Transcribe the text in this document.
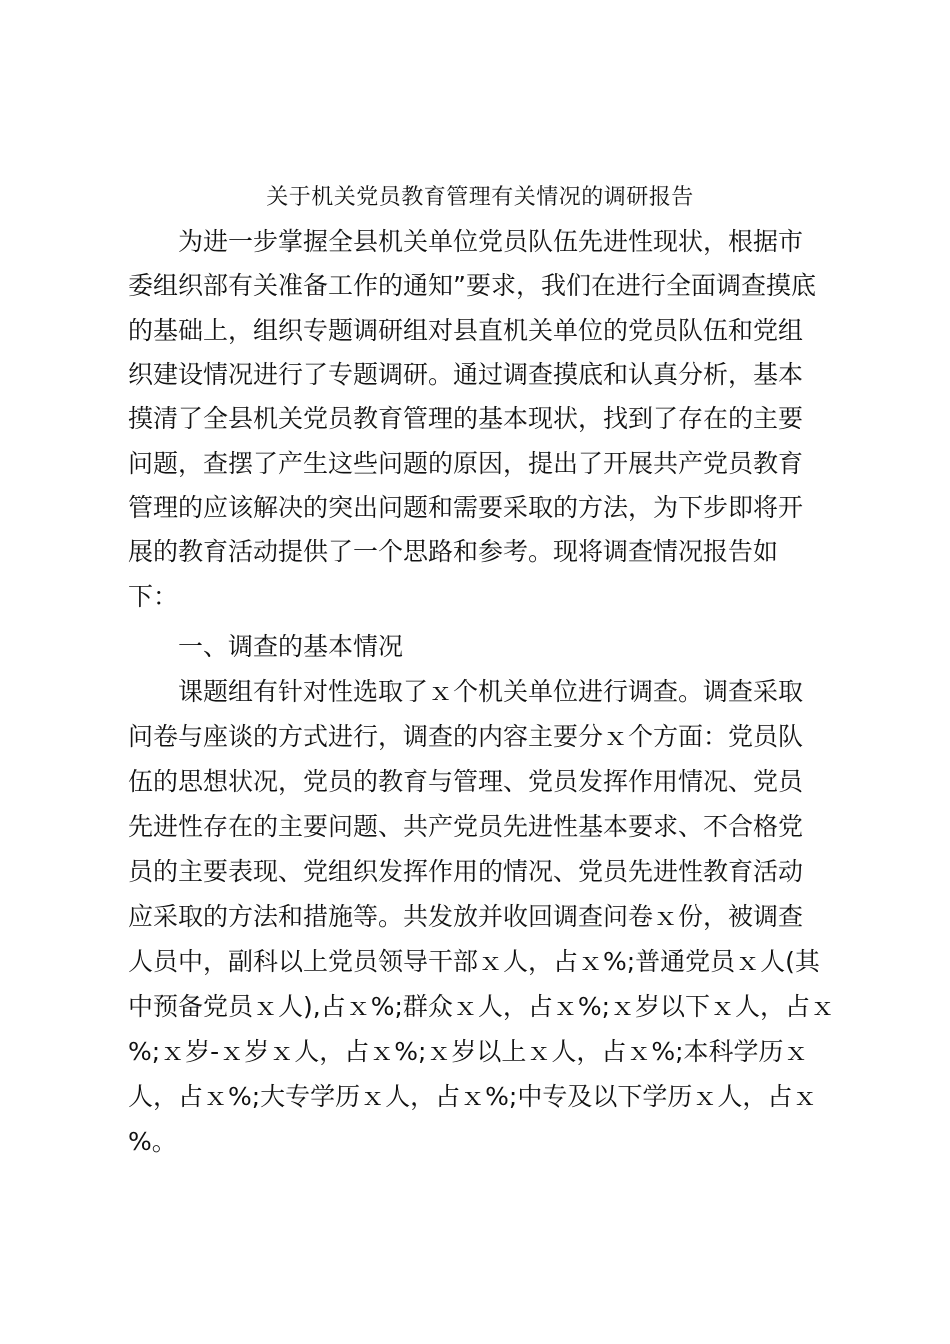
关于机关党员教育管理有关情况的调研报告
为进一步掌握全县机关单位党员队伍先进性现状，根据市
委组织部有关准备工作的通知”要求，我们在进行全面调查摸底
的基础上，组织专题调研组对县直机关单位的党员队伍和党组
织建设情况进行了专题调研。通过调查摸底和认真分析，基本
摸清了全县机关党员教育管理的基本现状，找到了存在的主要
问题，查摆了产生这些问题的原因，提出了开展共产党员教育
管理的应该解决的突出问题和需要采取的方法，为下步即将开
展的教育活动提供了一个思路和参考。现将调查情况报告如
下：
一、调查的基本情况
课题组有针对性选取了ｘ个机关单位进行调查。调查采取
问卷与座谈的方式进行，调查的内容主要分ｘ个方面：党员队
伍的思想状况，党员的教育与管理、党员发挥作用情况、党员
先进性存在的主要问题、共产党员先进性基本要求、不合格党
员的主要表现、党组织发挥作用的情况、党员先进性教育活动
应采取的方法和措施等。共发放并收回调查问卷ｘ份，被调查
人员中，副科以上党员领导干部ｘ人，占ｘ%;普通党员ｘ人(其
中预备党员ｘ人),占ｘ%;群众ｘ人，占ｘ%;ｘ岁以下ｘ人，占ｘ
%;ｘ岁-ｘ岁ｘ人，占ｘ%;ｘ岁以上ｘ人，占ｘ%;本科学历ｘ
人，占ｘ%;大专学历ｘ人，占ｘ%;中专及以下学历ｘ人，占ｘ
%。
